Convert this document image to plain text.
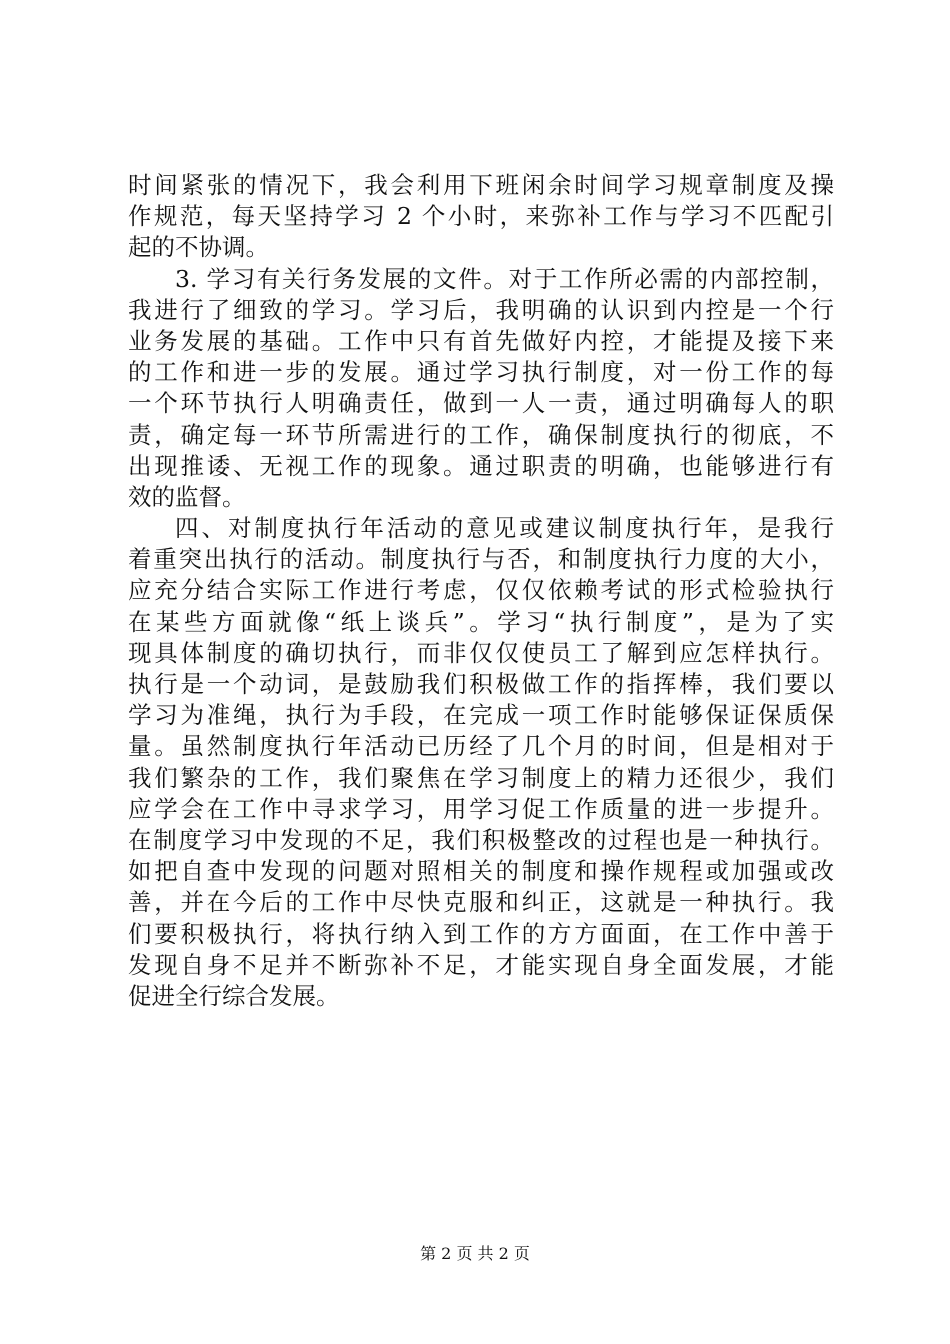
时间紧张的情况下，我会利用下班闲余时间学习规章制度及操
作规范，每天坚持学习 2 个小时，来弥补工作与学习不匹配引
起的不协调。
3. 学习有关行务发展的文件。对于工作所必需的内部控制，
我进行了细致的学习。学习后，我明确的认识到内控是一个行
业务发展的基础。工作中只有首先做好内控，才能提及接下来
的工作和进一步的发展。通过学习执行制度，对一份工作的每
一个环节执行人明确责任，做到一人一责，通过明确每人的职
责，确定每一环节所需进行的工作，确保制度执行的彻底，不
出现推诿、无视工作的现象。通过职责的明确，也能够进行有
效的监督。
四、对制度执行年活动的意见或建议制度执行年，是我行
着重突出执行的活动。制度执行与否，和制度执行力度的大小，
应充分结合实际工作进行考虑，仅仅依赖考试的形式检验执行
在某些方面就像“纸上谈兵”。学习“执行制度”，是为了实
现具体制度的确切执行，而非仅仅使员工了解到应怎样执行。
执行是一个动词，是鼓励我们积极做工作的指挥棒，我们要以
学习为准绳，执行为手段，在完成一项工作时能够保证保质保
量。虽然制度执行年活动已历经了几个月的时间，但是相对于
我们繁杂的工作，我们聚焦在学习制度上的精力还很少，我们
应学会在工作中寻求学习，用学习促工作质量的进一步提升。
在制度学习中发现的不足，我们积极整改的过程也是一种执行。
如把自查中发现的问题对照相关的制度和操作规程或加强或改
善，并在今后的工作中尽快克服和纠正，这就是一种执行。我
们要积极执行，将执行纳入到工作的方方面面，在工作中善于
发现自身不足并不断弥补不足，才能实现自身全面发展，才能
促进全行综合发展。
第 2 页 共 2 页
